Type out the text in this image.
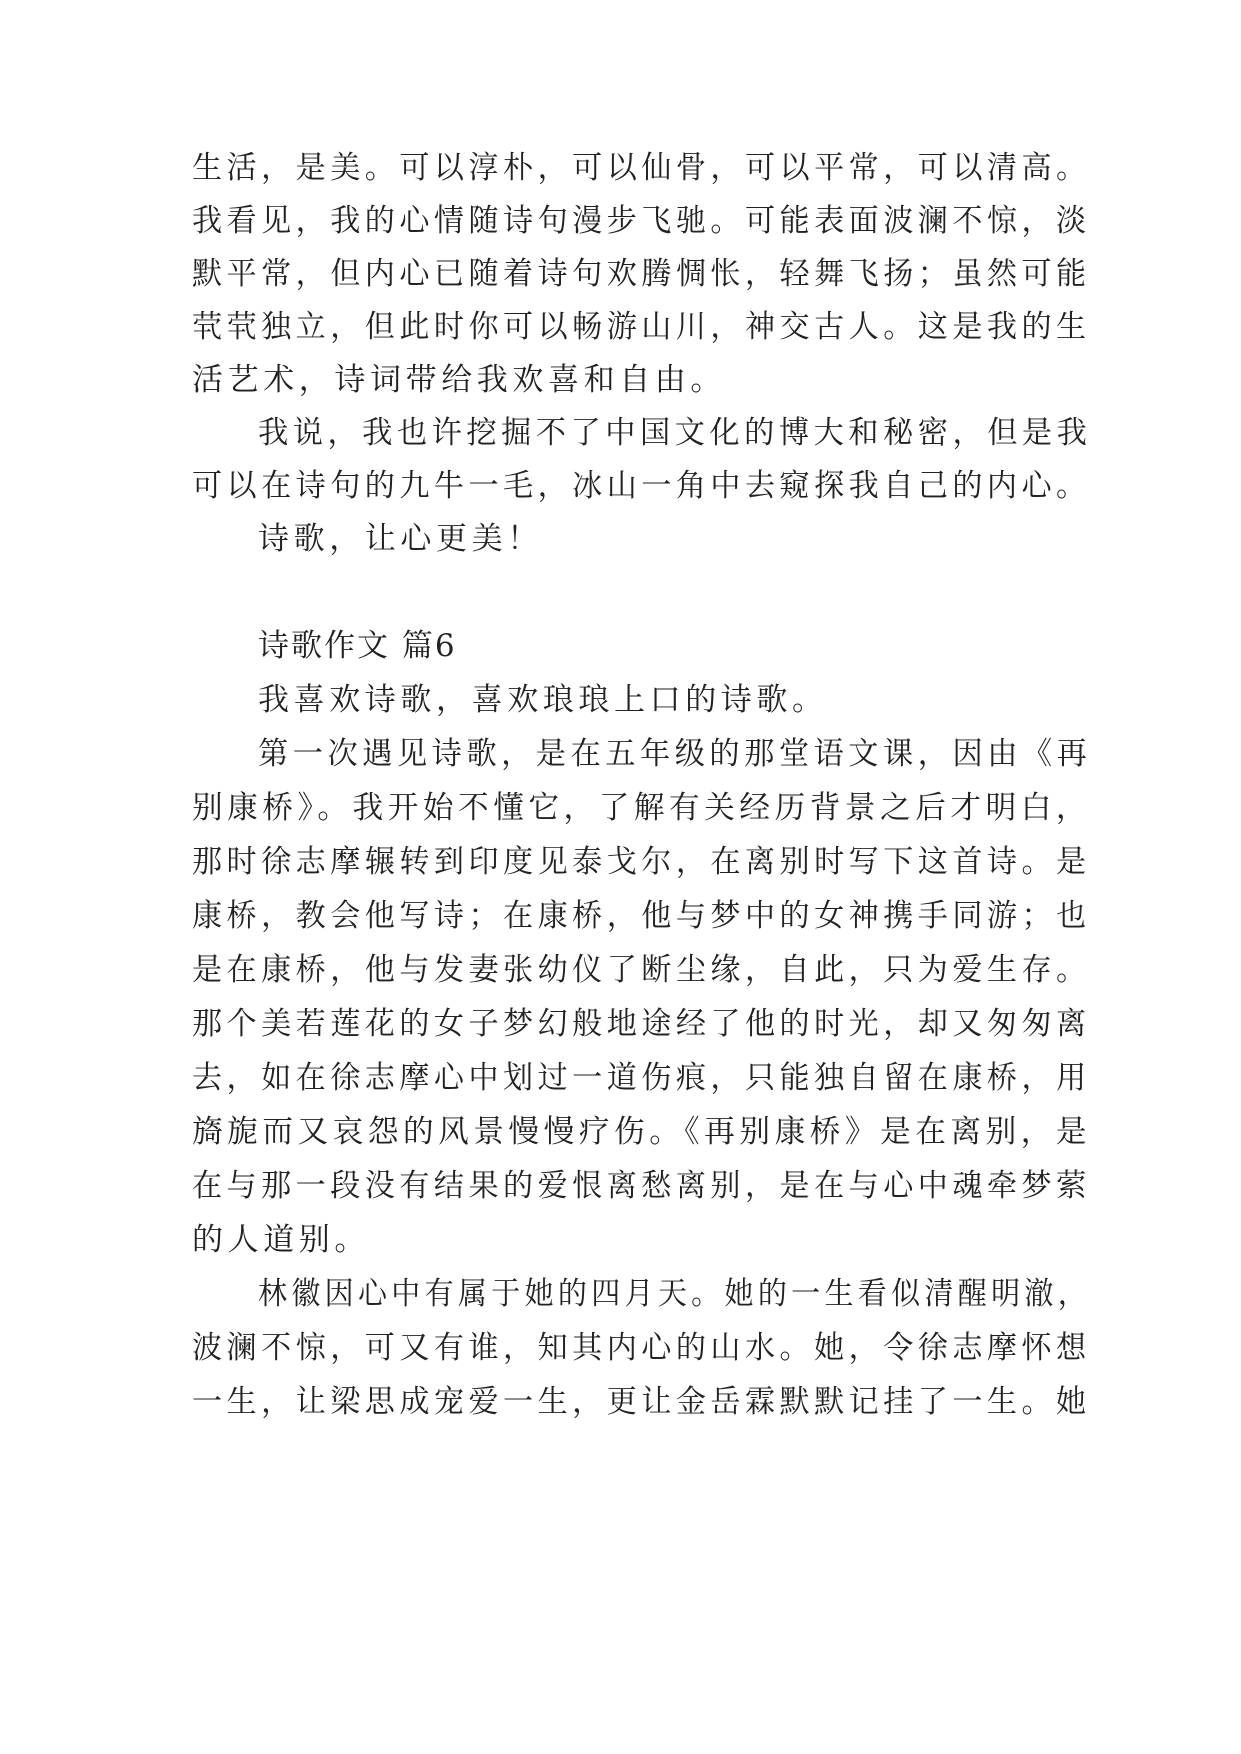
生活，是美。可以淳朴，可以仙骨，可以平常，可以清高。
我看见，我的心情随诗句漫步飞驰。可能表面波澜不惊，淡
默平常，但内心已随着诗句欢腾惆怅，轻舞飞扬；虽然可能
茕茕独立，但此时你可以畅游山川，神交古人。这是我的生
活艺术，诗词带给我欢喜和自由。
我说，我也许挖掘不了中国文化的博大和秘密，但是我
可以在诗句的九牛一毛，冰山一角中去窥探我自己的内心。
诗歌，让心更美！
诗歌作文 篇6
我喜欢诗歌，喜欢琅琅上口的诗歌。
第一次遇见诗歌，是在五年级的那堂语文课，因由《再
别康桥》。我开始不懂它，了解有关经历背景之后才明白，
那时徐志摩辗转到印度见泰戈尔，在离别时写下这首诗。是
康桥，教会他写诗；在康桥，他与梦中的女神携手同游；也
是在康桥，他与发妻张幼仪了断尘缘，自此，只为爱生存。
那个美若莲花的女子梦幻般地途经了他的时光，却又匆匆离
去，如在徐志摩心中划过一道伤痕，只能独自留在康桥，用
旖旎而又哀怨的风景慢慢疗伤。《再别康桥》是在离别，是
在与那一段没有结果的爱恨离愁离别，是在与心中魂牵梦萦
的人道别。
林徽因心中有属于她的四月天。她的一生看似清醒明澈，
波澜不惊，可又有谁，知其内心的山水。她，令徐志摩怀想
一生，让梁思成宠爱一生，更让金岳霖默默记挂了一生。她
